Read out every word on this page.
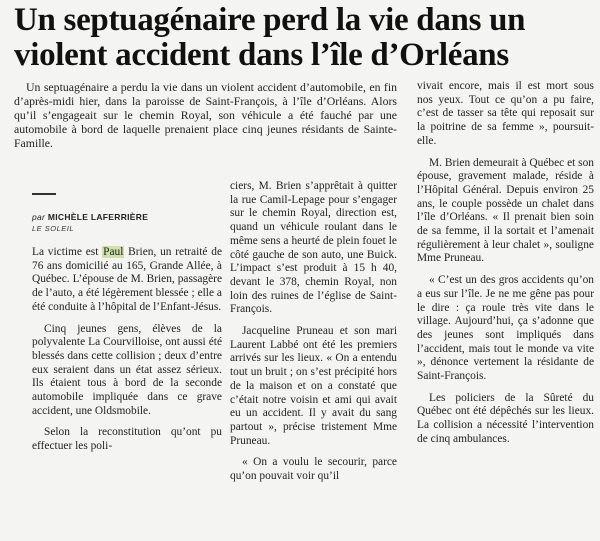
Un septuagénaire perd la vie dans un violent accident dans l’île d’Orléans

Un septuagénaire a perdu la vie dans un violent accident d’automobile, en fin d’après-midi hier, dans la paroisse de Saint-François, à l’île d’Orléans. Alors qu’il s’engageait sur le chemin Royal, son véhicule a été fauché par une automobile à bord de laquelle prenaient place cinq jeunes résidants de Sainte-Famille.

par MICHÈLE LAFERRIÈRE
LE SOLEIL

La victime est Paul Brien, un retraité de 76 ans domicilié au 165, Grande Allée, à Québec. L’épouse de M. Brien, passagère de l’auto, a été légèrement blessée ; elle a été conduite à l’hôpital de l’Enfant-Jésus.

Cinq jeunes gens, élèves de la polyvalente La Courvilloise, ont aussi été blessés dans cette collision ; deux d’entre eux seraient dans un état assez sérieux. Ils étaient tous à bord de la seconde automobile impliquée dans ce grave accident, une Oldsmobile.

Selon la reconstitution qu’ont pu effectuer les poli-

ciers, M. Brien s’apprêtait à quitter la rue Camil-Lepage pour s’engager sur le chemin Royal, direction est, quand un véhicule roulant dans le même sens a heurté de plein fouet le côté gauche de son auto, une Buick. L’impact s’est produit à 15 h 40, devant le 378, chemin Royal, non loin des ruines de l’église de Saint-François.

Jacqueline Pruneau et son mari Laurent Labbé ont été les premiers arrivés sur les lieux. « On a entendu tout un bruit ; on s’est précipité hors de la maison et on a constaté que c’était notre voisin et ami qui avait eu un accident. Il y avait du sang partout », précise tristement Mme Pruneau.

« On a voulu le secourir, parce qu’on pouvait voir qu’il

vivait encore, mais il est mort sous nos yeux. Tout ce qu’on a pu faire, c’est de tasser sa tête qui reposait sur la poitrine de sa femme », poursuit-elle.

M. Brien demeurait à Québec et son épouse, gravement malade, réside à l’Hôpital Général. Depuis environ 25 ans, le couple possède un chalet dans l’île d’Orléans. « Il prenait bien soin de sa femme, il la sortait et l’amenait régulièrement à leur chalet », souligne Mme Pruneau.

« C’est un des gros accidents qu’on a eus sur l’île. Je ne me gêne pas pour le dire : ça roule très vite dans le village. Aujourd’hui, ça s’adonne que des jeunes sont impliqués dans l’accident, mais tout le monde va vite », dénonce vertement la résidante de Saint-François.

Les policiers de la Sûreté du Québec ont été dépêchés sur les lieux. La collision a nécessité l’intervention de cinq ambulances.
